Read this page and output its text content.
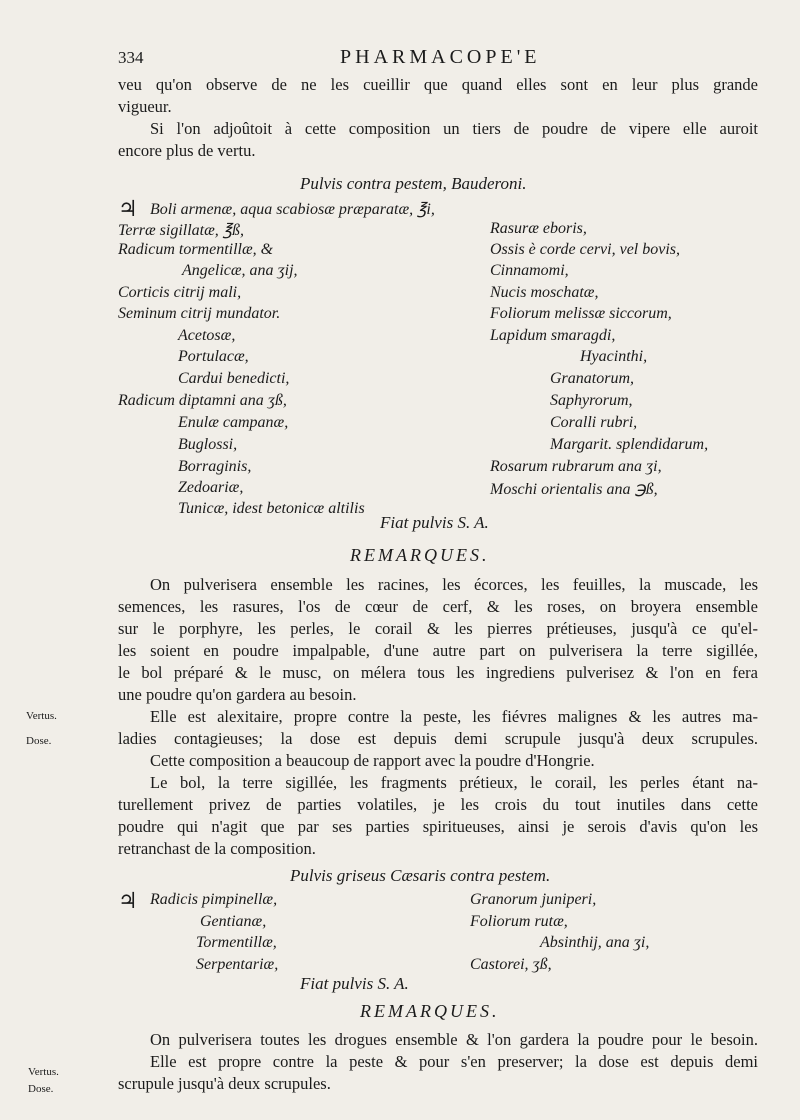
334	PHARMACOPE'E
veu qu'on observe de ne les cueillir que quand elles sont en leur plus grande
vigueur.
Si l'on adjoûtoit à cette composition un tiers de poudre de vipere elle auroit
encore plus de vertu.
Pulvis contra pestem, Bauderoni.
♃ Boli armenæ, aqua scabiosæ præparatæ, ℥i,
Terræ sigillatæ, ℥ß,
Radicum tormentillæ, &
Angelicæ, ana ʒij,
Corticis citrij mali,
Seminum citrij mundator.
Acetosæ,
Portulacæ,
Cardui benedicti,
Radicum diptamni ana ʒß,
Enulæ campanæ,
Buglossi,
Borraginis,
Zedoariæ,
Tunicæ, idest betonicæ altilis
Rasuræ eboris,
Ossis è corde cervi, vel bovis,
Cinnamomi,
Nucis moschatæ,
Foliorum melissæ siccorum,
Lapidum smaragdi,
Hyacinthi,
Granatorum,
Saphyrorum,
Coralli rubri,
Margarit. splendidarum,
Rosarum rubrarum ana ʒi,
Moschi orientalis ana ℈ß,
Fiat pulvis S. A.
REMARQUES.
On pulverisera ensemble les racines, les écorces, les feuilles, la muscade, les
semences, les rasures, l'os de cœur de cerf, & les roses, on broyera ensemble
sur le porphyre, les perles, le corail & les pierres prétieuses, jusqu'à ce qu'el-
les soient en poudre impalpable, d'une autre part on pulverisera la terre sigillée,
le bol préparé & le musc, on mélera tous les ingrediens pulverisez & l'on en fera
une poudre qu'on gardera au besoin.
Elle est alexitaire, propre contre la peste, les fiévres malignes & les autres ma-
ladies contagieuses; la dose est depuis demi scrupule jusqu'à deux scrupules.
Cette composition a beaucoup de rapport avec la poudre d'Hongrie.
Le bol, la terre sigillée, les fragments prétieux, le corail, les perles étant na-
turellement privez de parties volatiles, je les crois du tout inutiles dans cette
poudre qui n'agit que par ses parties spiritueuses, ainsi je serois d'avis qu'on les
retranchast de la composition.
Pulvis griseus Cæsaris contra pestem.
♃ Radicis pimpinellæ,
Gentianæ,
Tormentillæ,
Serpentariæ,
Granorum juniperi,
Foliorum rutæ,
Absinthij, ana ʒi,
Castorei, ʒß,
Fiat pulvis S. A.
REMARQUES.
On pulverisera toutes les drogues ensemble & l'on gardera la poudre pour le besoin.
Elle est propre contre la peste & pour s'en preserver; la dose est depuis demi
scrupule jusqu'à deux scrupules.
Vertus.
Dose.
Vertus.
Dose.
